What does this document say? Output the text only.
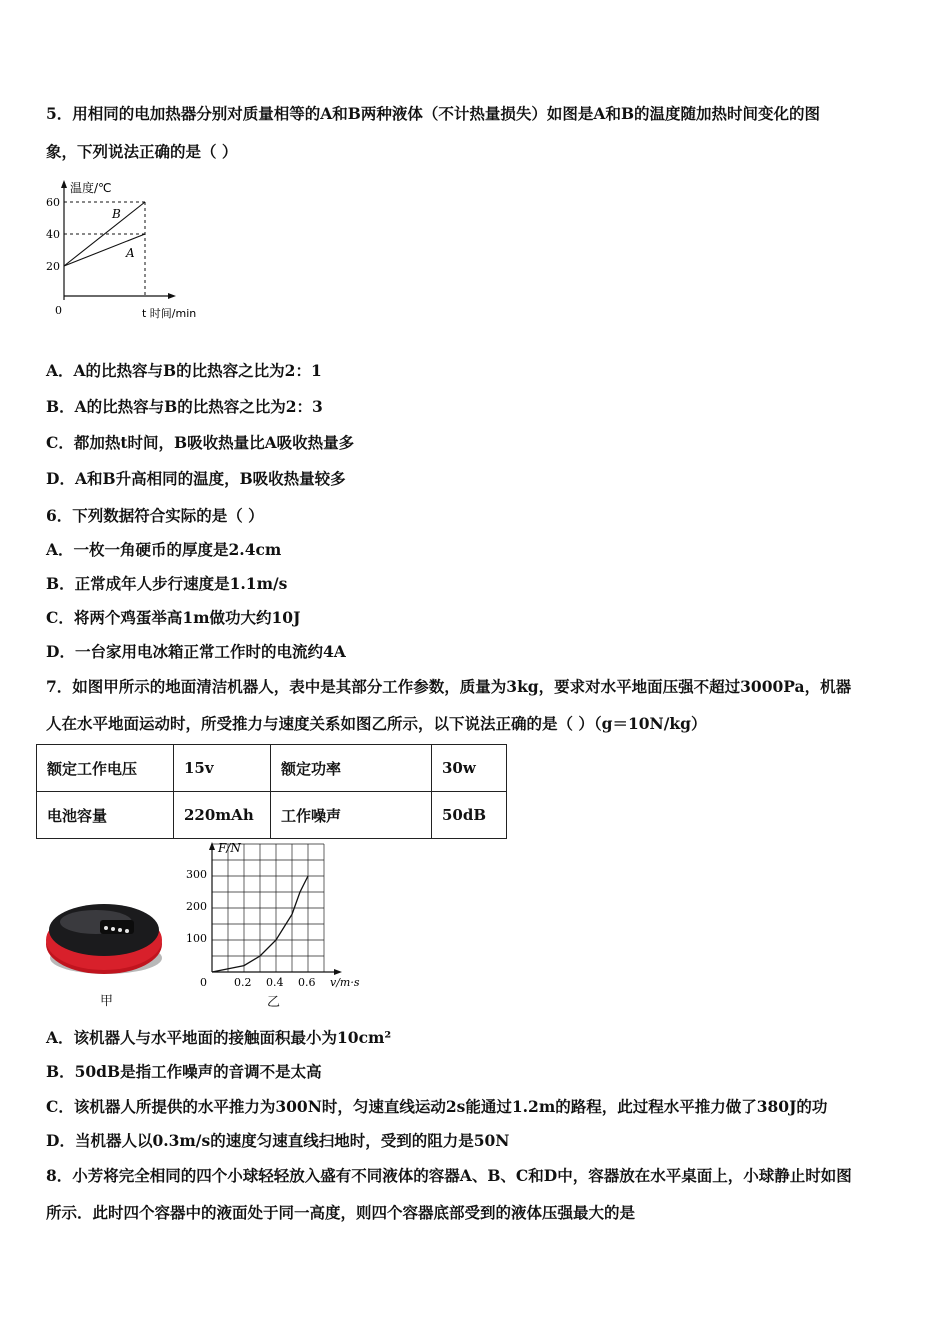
5．用相同的电加热器分别对质量相等的A和B两种液体（不计热量损失）如图是A和B的温度随加热时间变化的图
象，下列说法正确的是（ ）
温度/℃
60
40
20
0	t 时间/min
B
A
A．A的比热容与B的比热容之比为2：1
B．A的比热容与B的比热容之比为2：3
C．都加热t时间，B吸收热量比A吸收热量多
D．A和B升高相同的温度，B吸收热量较多
6．下列数据符合实际的是（ ）
A．一枚一角硬币的厚度是2.4cm
B．正常成年人步行速度是1.1m/s
C．将两个鸡蛋举高1m做功大约10J
D．一台家用电冰箱正常工作时的电流约4A
7．如图甲所示的地面清洁机器人，表中是其部分工作参数，质量为3kg，要求对水平地面压强不超过3000Pa，机器
人在水平地面运动时，所受推力与速度关系如图乙所示，以下说法正确的是（ ）（g＝10N/kg）
额定工作电压	15v	额定功率	30w
电池容量	220mAh	工作噪声	50dB
甲
F/N
300
200
100
0 0.2 0.4 0.6 v/m·s
乙
A．该机器人与水平地面的接触面积最小为10cm²
B．50dB是指工作噪声的音调不是太高
C．该机器人所提供的水平推力为300N时，匀速直线运动2s能通过1.2m的路程，此过程水平推力做了380J的功
D．当机器人以0.3m/s的速度匀速直线扫地时，受到的阻力是50N
8．小芳将完全相同的四个小球轻轻放入盛有不同液体的容器A、B、C和D中，容器放在水平桌面上，小球静止时如图
所示．此时四个容器中的液面处于同一高度，则四个容器底部受到的液体压强最大的是
